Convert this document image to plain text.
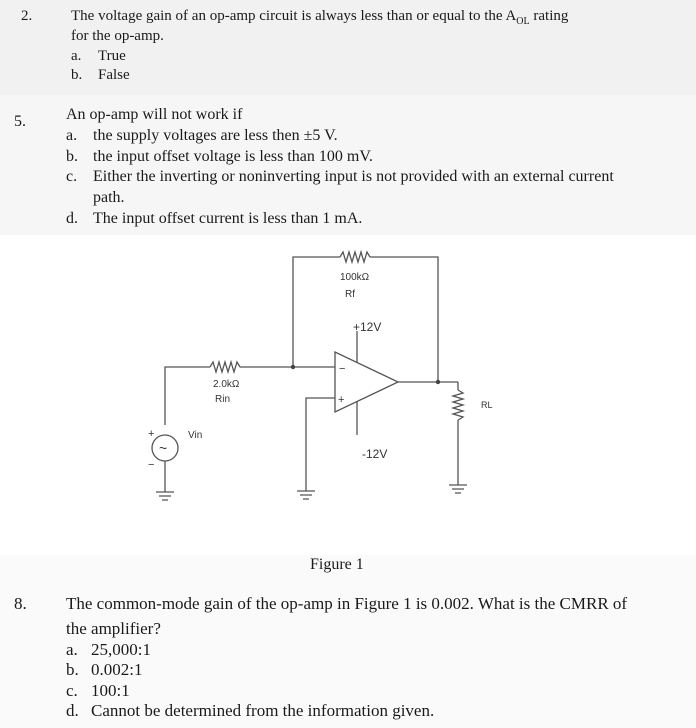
2.	The voltage gain of an op-amp circuit is always less than or equal to the $A_{OL}$ rating
for the op-amp.
a. True
b. False
5.	An op-amp will not work if
a. the supply voltages are less then ±5 V.
b. the input offset voltage is less than 100 mV.
c. Either the inverting or noninverting input is not provided with an external current
path.
d. The input offset current is less than 1 mA.
100kΩ
Rf
+12V
-12V
2.0kΩ
Rin
Vin
RL
−
+
+
−
~
Figure 1
8. The common-mode gain of the op-amp in Figure 1 is 0.002. What is the CMRR of
the amplifier?
a. 25,000:1
b. 0.002:1
c. 100:1
d. Cannot be determined from the information given.
